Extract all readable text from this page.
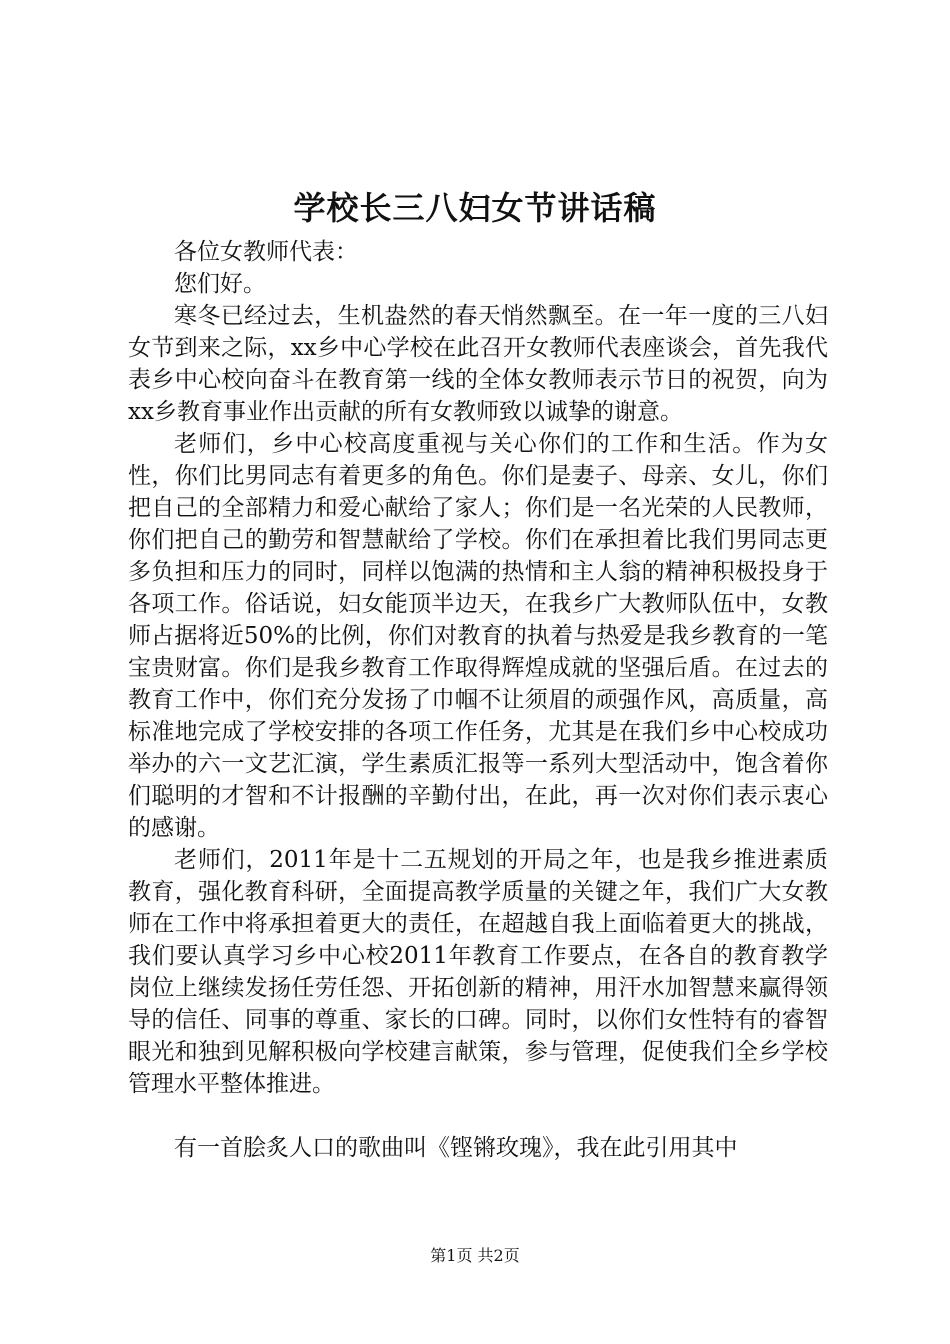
学校长三八妇女节讲话稿

各位女教师代表：

您们好。

寒冬已经过去，生机盎然的春天悄然飘至。在一年一度的三八妇女节到来之际，xx乡中心学校在此召开女教师代表座谈会，首先我代表乡中心校向奋斗在教育第一线的全体女教师表示节日的祝贺，向为xx乡教育事业作出贡献的所有女教师致以诚挚的谢意。

老师们，乡中心校高度重视与关心你们的工作和生活。作为女性，你们比男同志有着更多的角色。你们是妻子、母亲、女儿，你们把自己的全部精力和爱心献给了家人；你们是一名光荣的人民教师，你们把自己的勤劳和智慧献给了学校。你们在承担着比我们男同志更多负担和压力的同时，同样以饱满的热情和主人翁的精神积极投身于各项工作。俗话说，妇女能顶半边天，在我乡广大教师队伍中，女教师占据将近50%的比例，你们对教育的执着与热爱是我乡教育的一笔宝贵财富。你们是我乡教育工作取得辉煌成就的坚强后盾。在过去的教育工作中，你们充分发扬了巾帼不让须眉的顽强作风，高质量，高标准地完成了学校安排的各项工作任务，尤其是在我们乡中心校成功举办的六一文艺汇演，学生素质汇报等一系列大型活动中，饱含着你们聪明的才智和不计报酬的辛勤付出，在此，再一次对你们表示衷心的感谢。

老师们，2011年是十二五规划的开局之年，也是我乡推进素质教育，强化教育科研，全面提高教学质量的关键之年，我们广大女教师在工作中将承担着更大的责任，在超越自我上面临着更大的挑战，我们要认真学习乡中心校2011年教育工作要点，在各自的教育教学岗位上继续发扬任劳任怨、开拓创新的精神，用汗水加智慧来赢得领导的信任、同事的尊重、家长的口碑。同时，以你们女性特有的睿智眼光和独到见解积极向学校建言献策，参与管理，促使我们全乡学校管理水平整体推进。

有一首脍炙人口的歌曲叫《铿锵玫瑰》，我在此引用其中

第1页 共2页
